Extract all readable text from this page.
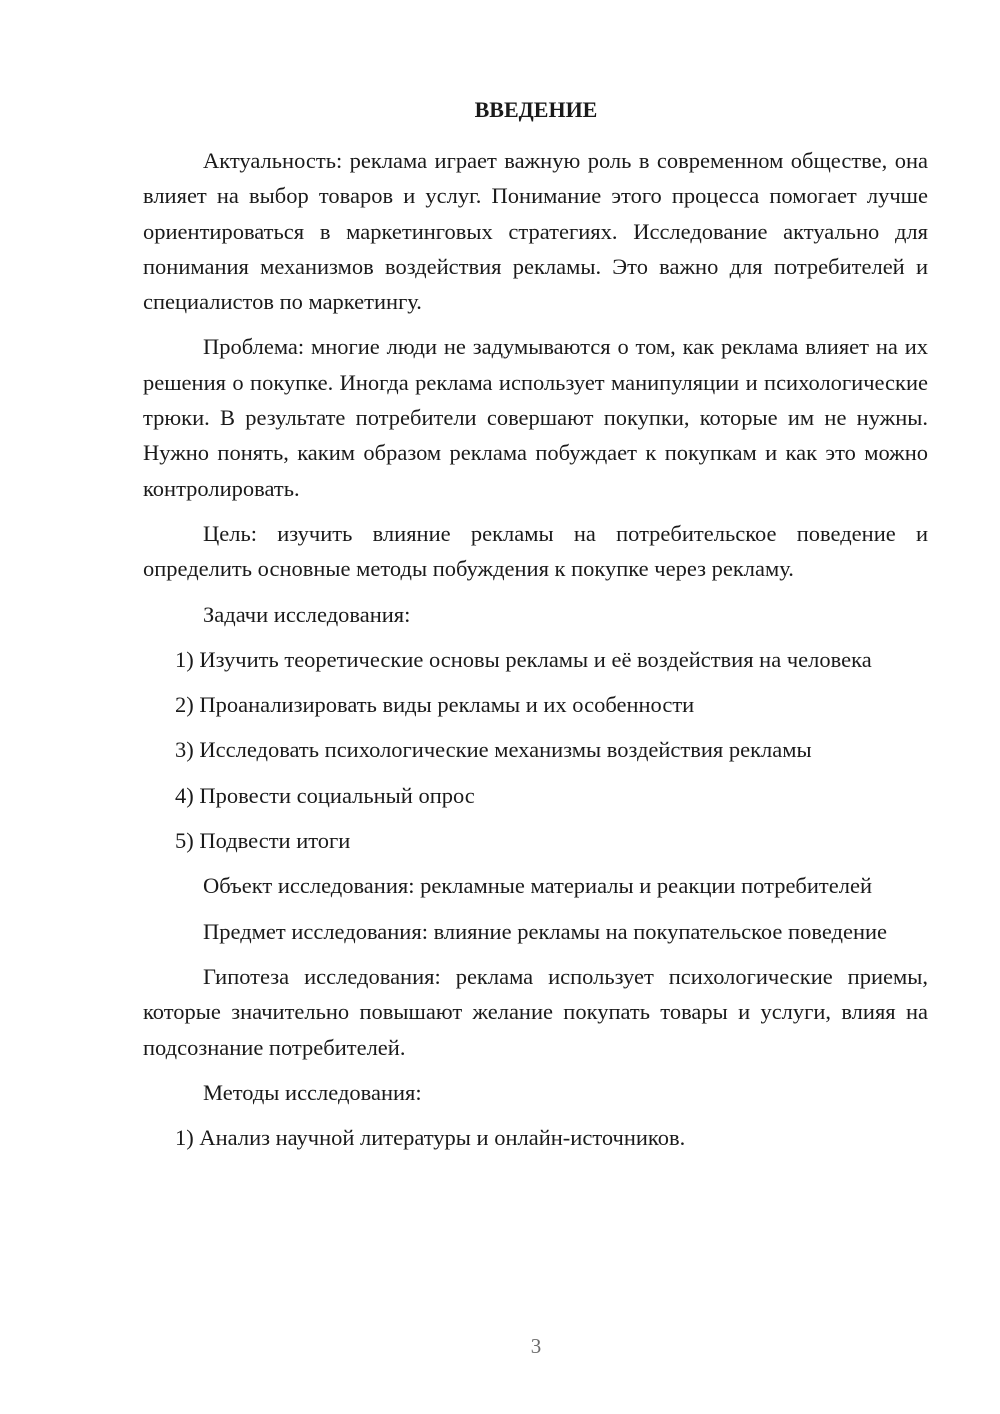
ВВЕДЕНИЕ

Актуальность: реклама играет важную роль в современном обществе, она влияет на выбор товаров и услуг. Понимание этого процесса помогает лучше ориентироваться в маркетинговых стратегиях. Исследование актуально для понимания механизмов воздействия рекламы. Это важно для потребителей и специалистов по маркетингу.

Проблема: многие люди не задумываются о том, как реклама влияет на их решения о покупке. Иногда реклама использует манипуляции и психологические трюки. В результате потребители совершают покупки, которые им не нужны. Нужно понять, каким образом реклама побуждает к покупкам и как это можно контролировать.

Цель: изучить влияние рекламы на потребительское поведение и определить основные методы побуждения к покупке через рекламу.

Задачи исследования:

1) Изучить теоретические основы рекламы и её воздействия на человека

2) Проанализировать виды рекламы и их особенности

3) Исследовать психологические механизмы воздействия рекламы

4) Провести социальный опрос

5) Подвести итоги

Объект исследования: рекламные материалы и реакции потребителей

Предмет исследования: влияние рекламы на покупательское поведение

Гипотеза исследования: реклама использует психологические приемы, которые значительно повышают желание покупать товары и услуги, влияя на подсознание потребителей.

Методы исследования:

1) Анализ научной литературы и онлайн-источников.

3
